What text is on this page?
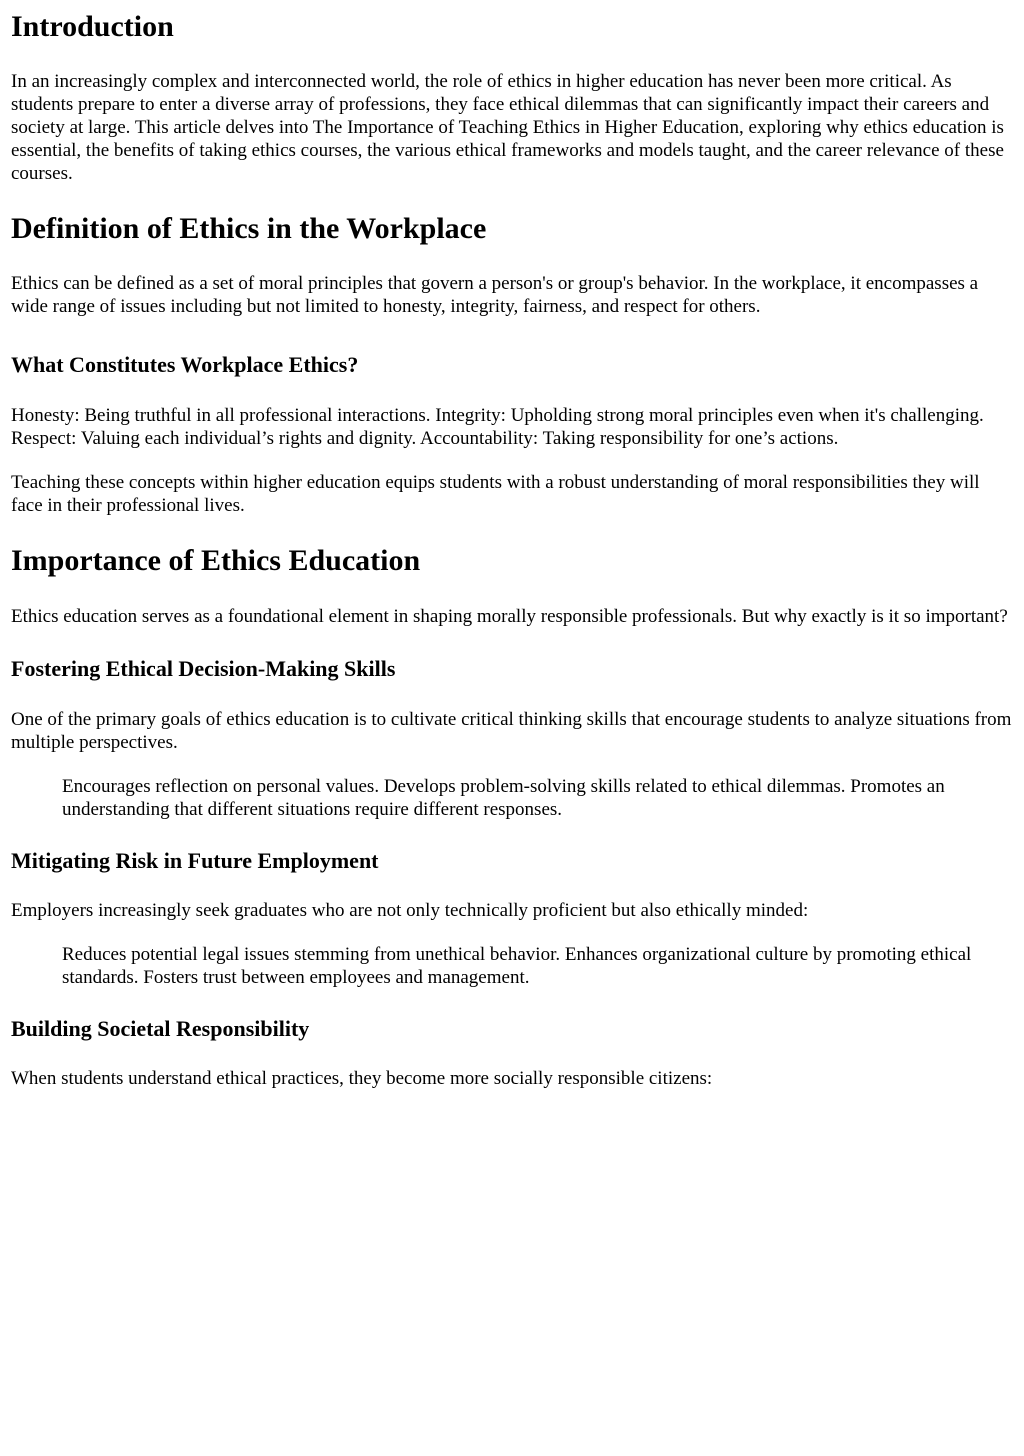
Introduction

In an increasingly complex and interconnected world, the role of ethics in higher education has never been more critical. As students prepare to enter a diverse array of professions, they face ethical dilemmas that can significantly impact their careers and society at large. This article delves into The Importance of Teaching Ethics in Higher Education, exploring why ethics education is essential, the benefits of taking ethics courses, the various ethical frameworks and models taught, and the career relevance of these courses.

Definition of Ethics in the Workplace

Ethics can be defined as a set of moral principles that govern a person's or group's behavior. In the workplace, it encompasses a wide range of issues including but not limited to honesty, integrity, fairness, and respect for others.

What Constitutes Workplace Ethics?

Honesty: Being truthful in all professional interactions. Integrity: Upholding strong moral principles even when it's challenging. Respect: Valuing each individual’s rights and dignity. Accountability: Taking responsibility for one’s actions.

Teaching these concepts within higher education equips students with a robust understanding of moral responsibilities they will face in their professional lives.

Importance of Ethics Education

Ethics education serves as a foundational element in shaping morally responsible professionals. But why exactly is it so important?

Fostering Ethical Decision-Making Skills

One of the primary goals of ethics education is to cultivate critical thinking skills that encourage students to analyze situations from multiple perspectives.

Encourages reflection on personal values. Develops problem-solving skills related to ethical dilemmas. Promotes an understanding that different situations require different responses.
Mitigating Risk in Future Employment

Employers increasingly seek graduates who are not only technically proficient but also ethically minded:

Reduces potential legal issues stemming from unethical behavior. Enhances organizational culture by promoting ethical standards. Fosters trust between employees and management.
Building Societal Responsibility

When students understand ethical practices, they become more socially responsible citizens:
